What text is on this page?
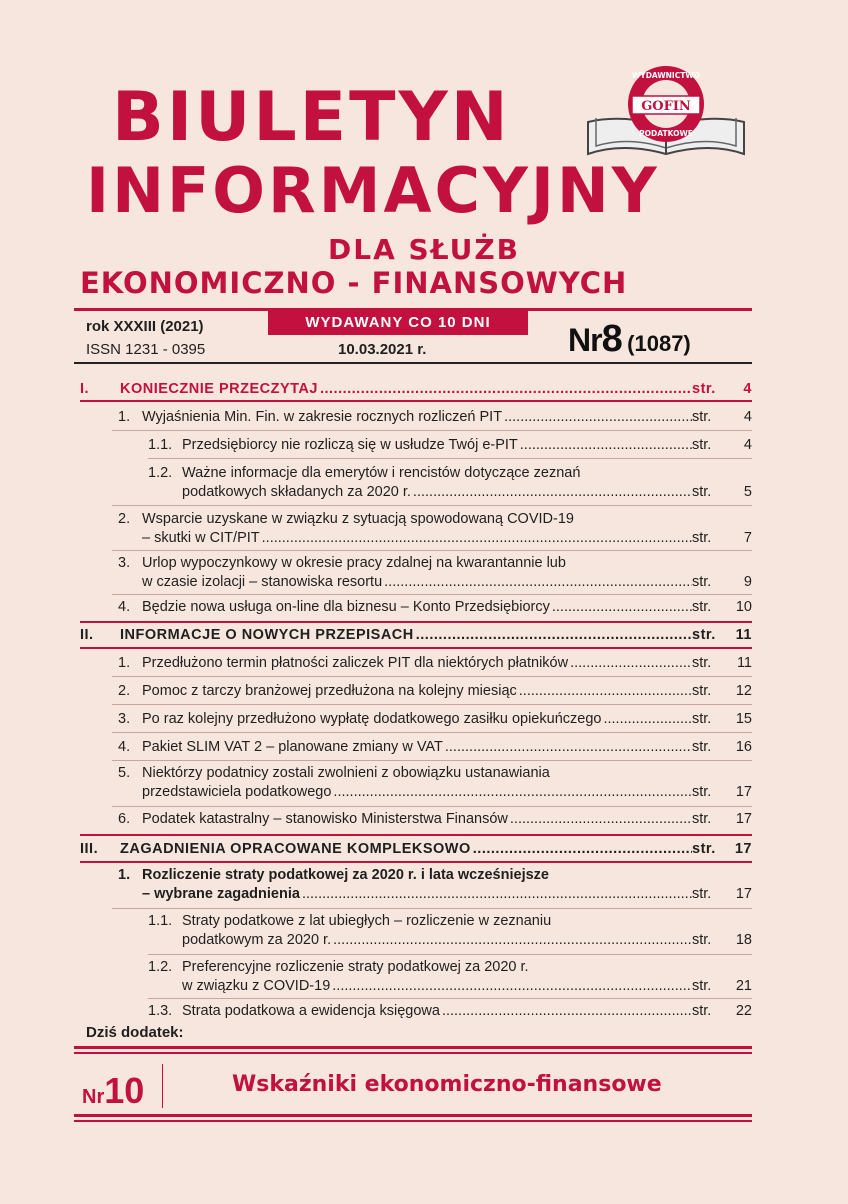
BIULETYN
INFORMACYJNY

DLA SŁUŻB

EKONOMICZNO - FINANSOWYCH

GOFIN
WYDAWNICTWO
PODATKOWE

rok XXXIII (2021)

ISSN 1231 - 0395

WYDAWANY CO 10 DNI

10.03.2021 r.	Nr8 (1087)

I.	KONIECZNIE PRZECZYTAJ .....	str.	4
1. Wyjaśnienia Min. Fin. w zakresie rocznych rozliczeń PIT .....	str.	4
1.1. Przedsiębiorcy nie rozliczą się w usłudze Twój e-PIT .....	str.	4
1.2. Ważne informacje dla emerytów i rencistów dotyczące zeznań
podatkowych składanych za 2020 r. .....	str.	5
2. Wsparcie uzyskane w związku z sytuacją spowodowaną COVID-19
– skutki w CIT/PIT .....	str.	7
3. Urlop wypoczynkowy w okresie pracy zdalnej na kwarantannie lub
w czasie izolacji – stanowiska resortu .....	str.	9
4. Będzie nowa usługa on-line dla biznesu – Konto Przedsiębiorcy .....	str.	10
II.	INFORMACJE O NOWYCH PRZEPISACH .....	str.	11
1. Przedłużono termin płatności zaliczek PIT dla niektórych płatników .....	str.	11
2. Pomoc z tarczy branżowej przedłużona na kolejny miesiąc .....	str.	12
3. Po raz kolejny przedłużono wypłatę dodatkowego zasiłku opiekuńczego .....	str.	15
4. Pakiet SLIM VAT 2 – planowane zmiany w VAT .....	str.	16
5. Niektórzy podatnicy zostali zwolnieni z obowiązku ustanawiania
przedstawiciela podatkowego .....	str.	17
6. Podatek katastralny – stanowisko Ministerstwa Finansów .....	str.	17
III.	ZAGADNIENIA OPRACOWANE KOMPLEKSOWO .....	str.	17
1. Rozliczenie straty podatkowej za 2020 r. i lata wcześniejsze
– wybrane zagadnienia .....	str.	17
1.1. Straty podatkowe z lat ubiegłych – rozliczenie w zeznaniu
podatkowym za 2020 r. .....	str.	18
1.2. Preferencyjne rozliczenie straty podatkowej za 2020 r.
w związku z COVID-19 .....	str.	21
1.3. Strata podatkowa a ewidencja księgowa .....	str.	22

Dziś dodatek:

Nr10	Wskaźniki ekonomiczno-finansowe
